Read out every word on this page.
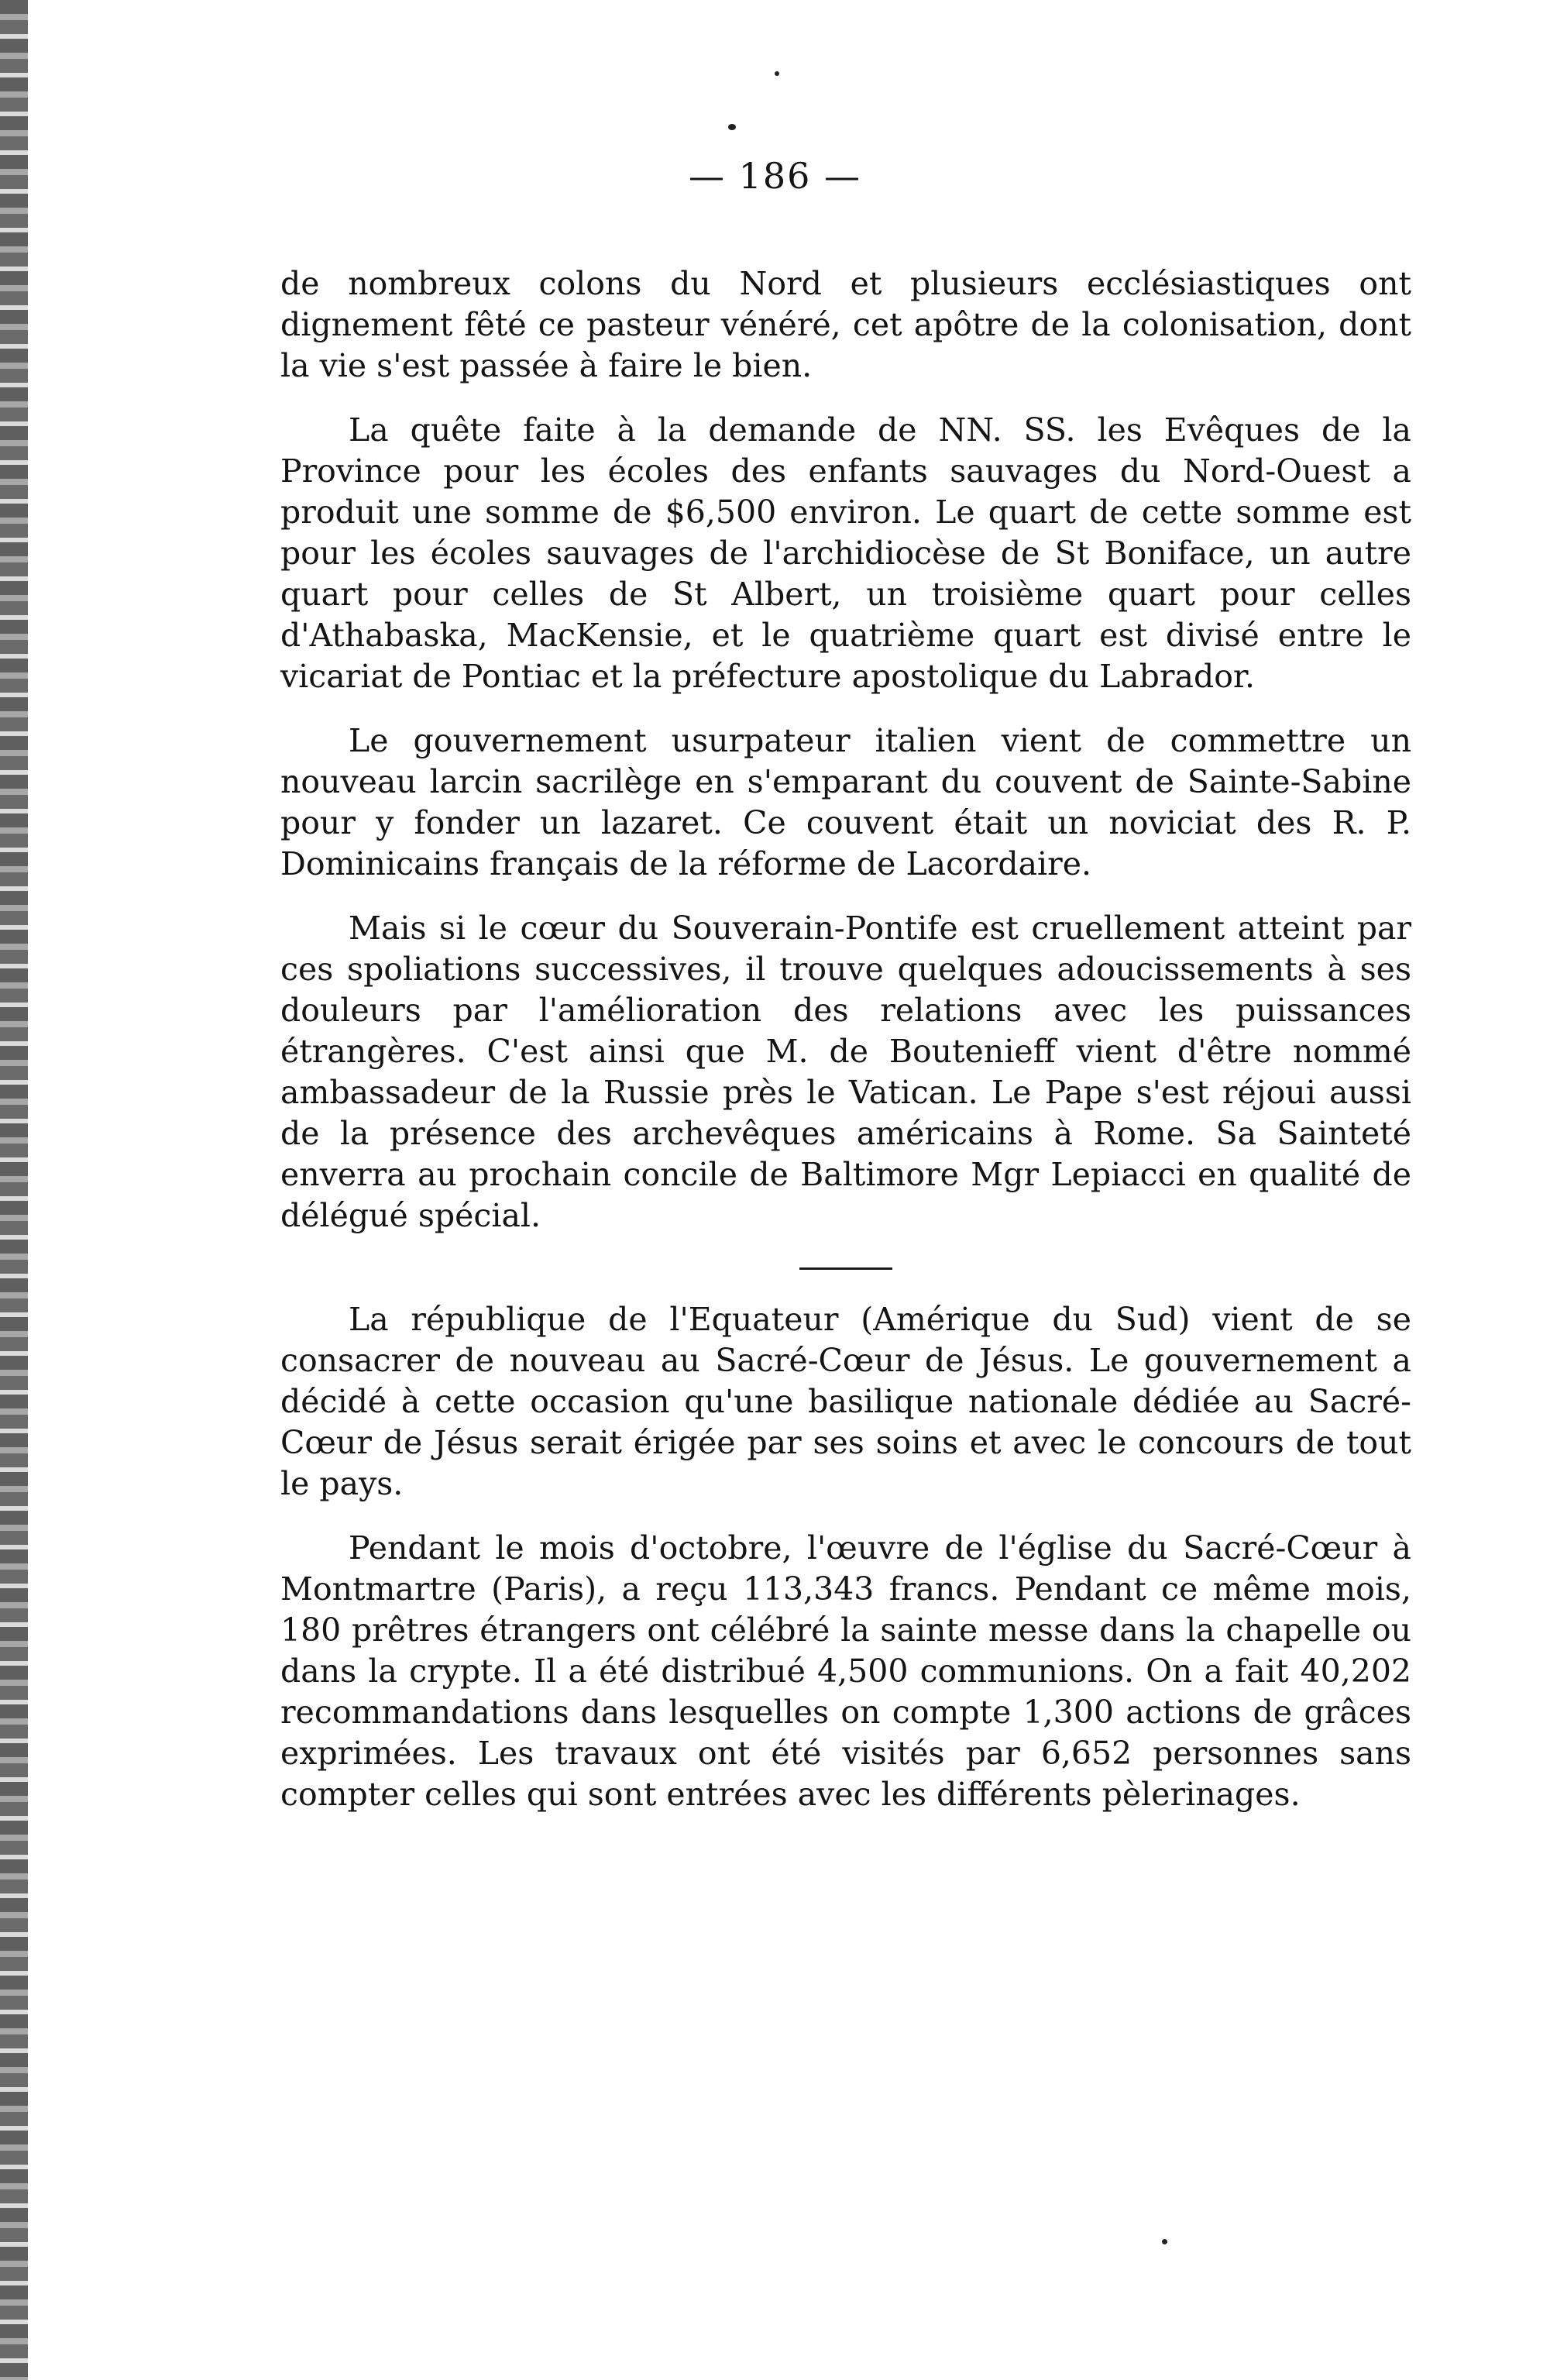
— 186 —

de nombreux colons du Nord et plusieurs ecclésiastiques ont dignement fêté ce pasteur vénéré, cet apôtre de la colonisation, dont la vie s'est passée à faire le bien.

La quête faite à la demande de NN. SS. les Evêques de la Province pour les écoles des enfants sauvages du Nord-Ouest a produit une somme de $6,500 environ. Le quart de cette somme est pour les écoles sauvages de l'archidiocèse de St Boniface, un autre quart pour celles de St Albert, un troisième quart pour celles d'Athabaska, MacKensie, et le quatrième quart est divisé entre le vicariat de Pontiac et la préfecture apostolique du Labrador.

Le gouvernement usurpateur italien vient de commettre un nouveau larcin sacrilège en s'emparant du couvent de Sainte-Sabine pour y fonder un lazaret. Ce couvent était un noviciat des R. P. Dominicains français de la réforme de Lacordaire.

Mais si le cœur du Souverain-Pontife est cruellement atteint par ces spoliations successives, il trouve quelques adoucissements à ses douleurs par l'amélioration des relations avec les puissances étrangères. C'est ainsi que M. de Boutenieff vient d'être nommé ambassadeur de la Russie près le Vatican. Le Pape s'est réjoui aussi de la présence des archevêques américains à Rome. Sa Sainteté enverra au prochain concile de Baltimore Mgr Lepiacci en qualité de délégué spécial.

La république de l'Equateur (Amérique du Sud) vient de se consacrer de nouveau au Sacré-Cœur de Jésus. Le gouvernement a décidé à cette occasion qu'une basilique nationale dédiée au Sacré-Cœur de Jésus serait érigée par ses soins et avec le concours de tout le pays.

Pendant le mois d'octobre, l'œuvre de l'église du Sacré-Cœur à Montmartre (Paris), a reçu 113,343 francs. Pendant ce même mois, 180 prêtres étrangers ont célébré la sainte messe dans la chapelle ou dans la crypte. Il a été distribué 4,500 communions. On a fait 40,202 recommandations dans lesquelles on compte 1,300 actions de grâces exprimées. Les travaux ont été visités par 6,652 personnes sans compter celles qui sont entrées avec les différents pèlerinages.
